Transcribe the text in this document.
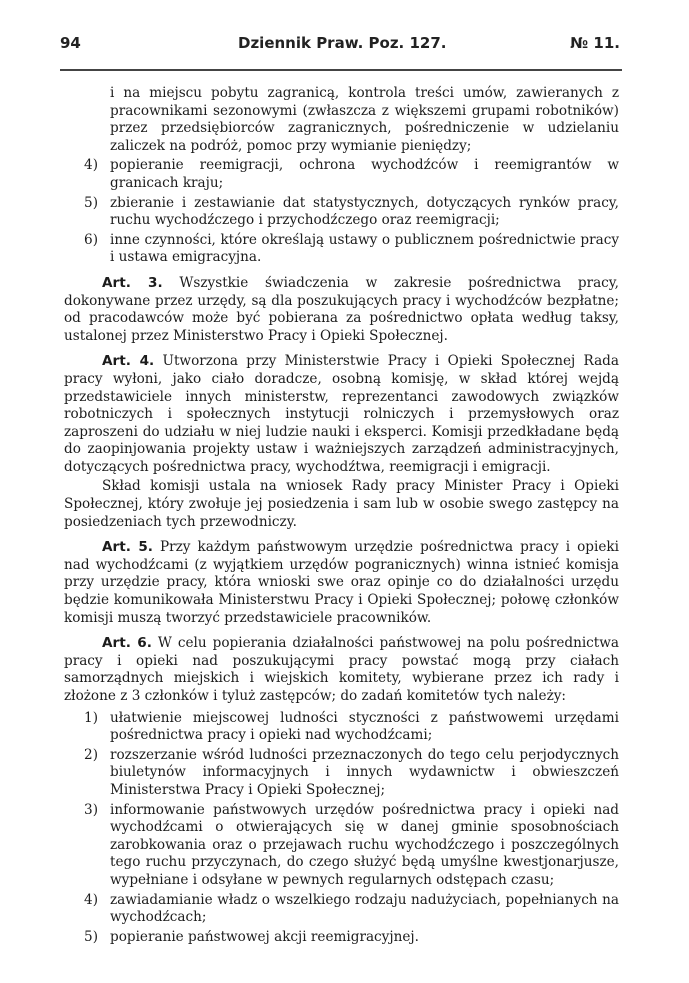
94	Dziennik Praw. Poz. 127.	№ 11.
i na miejscu pobytu zagranicą, kontrola treści umów, zawieranych z pracownikami sezonowymi (zwłaszcza z większemi grupami robotników) przez przedsiębiorców zagranicznych, pośredniczenie w udzielaniu zaliczek na podróż, pomoc przy wymianie pieniędzy;
4) popieranie reemigracji, ochrona wychodźców i reemigrantów w granicach kraju;
5) zbieranie i zestawianie dat statystycznych, dotyczących rynków pracy, ruchu wychodźczego i przychodźczego oraz reemigracji;
6) inne czynności, które określają ustawy o publicznem pośrednictwie pracy i ustawa emigracyjna.

Art. 3. Wszystkie świadczenia w zakresie pośrednictwa pracy, dokonywane przez urzędy, są dla poszukujących pracy i wychodźców bezpłatne; od pracodawców może być pobierana za pośrednictwo opłata według taksy, ustalonej przez Ministerstwo Pracy i Opieki Społecznej.

Art. 4. Utworzona przy Ministerstwie Pracy i Opieki Społecznej Rada pracy wyłoni, jako ciało doradcze, osobną komisję, w skład której wejdą przedstawiciele innych ministerstw, reprezentanci zawodowych związków robotniczych i społecznych instytucji rolniczych i przemysłowych oraz zaproszeni do udziału w niej ludzie nauki i eksperci. Komisji przedkładane będą do zaopinjowania projekty ustaw i ważniejszych zarządzeń administracyjnych, dotyczących pośrednictwa pracy, wychodźtwa, reemigracji i emigracji.

Skład komisji ustala na wniosek Rady pracy Minister Pracy i Opieki Społecznej, który zwołuje jej posiedzenia i sam lub w osobie swego zastępcy na posiedzeniach tych przewodniczy.

Art. 5. Przy każdym państwowym urzędzie pośrednictwa pracy i opieki nad wychodźcami (z wyjątkiem urzędów pogranicznych) winna istnieć komisja przy urzędzie pracy, która wnioski swe oraz opinje co do działalności urzędu będzie komunikowała Ministerstwu Pracy i Opieki Społecznej; połowę członków komisji muszą tworzyć przedstawiciele pracowników.

Art. 6. W celu popierania działalności państwowej na polu pośrednictwa pracy i opieki nad poszukującymi pracy powstać mogą przy ciałach samorządnych miejskich i wiejskich komitety, wybierane przez ich rady i złożone z 3 członków i tyluż zastępców; do zadań komitetów tych należy:

1) ułatwienie miejscowej ludności styczności z państwowemi urzędami pośrednictwa pracy i opieki nad wychodźcami;
2) rozszerzanie wśród ludności przeznaczonych do tego celu perjodycznych biuletynów informacyjnych i innych wydawnictw i obwieszczeń Ministerstwa Pracy i Opieki Społecznej;
3) informowanie państwowych urzędów pośrednictwa pracy i opieki nad wychodźcami o otwierających się w danej gminie sposobnościach zarobkowania oraz o przejawach ruchu wychodźczego i poszczególnych tego ruchu przyczynach, do czego służyć będą umyślne kwestjonarjusze, wypełniane i odsyłane w pewnych regularnych odstępach czasu;
4) zawiadamianie władz o wszelkiego rodzaju nadużyciach, popełnianych na wychodźcach;
5) popieranie państwowej akcji reemigracyjnej.
